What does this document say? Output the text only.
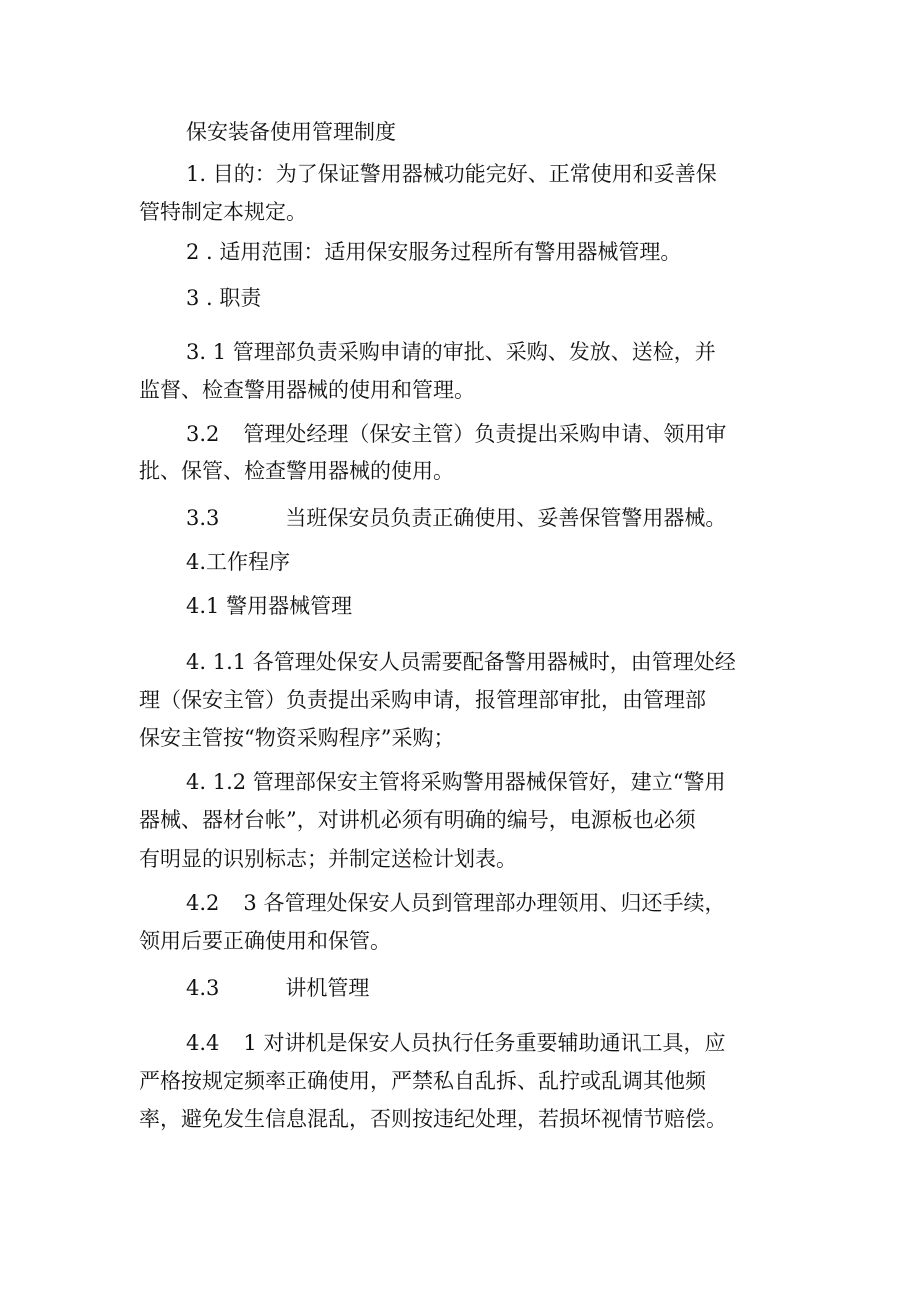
保安装备使用管理制度
1. 目的：为了保证警用器械功能完好、正常使用和妥善保
管特制定本规定。
2 . 适用范围：适用保安服务过程所有警用器械管理。
3 . 职责
3. 1 管理部负责采购申请的审批、采购、发放、送检，并
监督、检查警用器械的使用和管理。
3.2 管理处经理（保安主管）负责提出采购申请、领用审
批、保管、检查警用器械的使用。
3.3	当班保安员负责正确使用、妥善保管警用器械。
4.工作程序
4.1 警用器械管理
4. 1.1 各管理处保安人员需要配备警用器械时，由管理处经
理（保安主管）负责提出采购申请，报管理部审批，由管理部
保安主管按“物资采购程序”采购；
4. 1.2 管理部保安主管将采购警用器械保管好，建立“警用
器械、器材台帐”，对讲机必须有明确的编号，电源板也必须
有明显的识别标志；并制定送检计划表。
4.2 3 各管理处保安人员到管理部办理领用、归还手续，
领用后要正确使用和保管。
4.3	讲机管理
4.4 1 对讲机是保安人员执行任务重要辅助通讯工具，应
严格按规定频率正确使用，严禁私自乱拆、乱拧或乱调其他频
率，避免发生信息混乱，否则按违纪处理，若损坏视情节赔偿。
